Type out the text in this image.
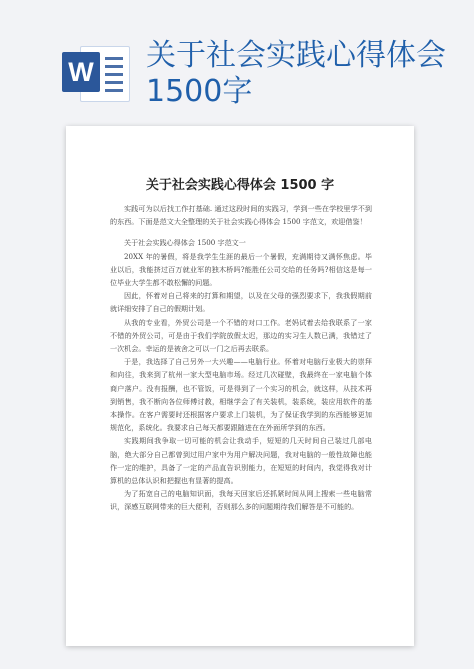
W 关于社会实践心得体会
1500字
关于社会实践心得体会 1500 字

实践可为以后找工作打基础. 通过这段时间的实践习，学到一些在学校里学不到的东西。下面是范文大全整理的关于社会实践心得体会 1500 字范文，欢迎借鉴！

关于社会实践心得体会 1500 字范文一

20XX 年的暑假，将是我学生生涯的最后一个暑假，充满期待又满怀焦虑。毕业以后，我能挤过百万就业军的独木桥吗?能胜任公司交给的任务吗?相信这是每一位毕业大学生都不敢松懈的问题。

因此，怀着对自己将来的打算和期望，以及在父母的强烈要求下，我我假期前就详细安排了自己的假期计划。

从我的专业看，外贸公司是一个不错的对口工作。老妈试着去给我联系了一家不错的外贸公司，可是由于我们学院放假太迟，那边的实习生人数已满，我错过了一次机会。幸运的是被舍之可以一门之后再去联系。

于是，我选择了自己另外一大兴趣——电脑行业。怀着对电脑行业极大的崇拜和向往，我来到了杭州一家大型电脑市场。经过几次碰壁，我最终在一家电脑个体商户落户。没有报酬，也不管饭，可是得到了一个实习的机会，就这样，从技术再到销售，我不断向各位师傅讨教，相继学会了有关装机，装系统，装应用软件的基本操作。在客户需要时还根据客户要求上门装机，为了保证我学到的东西能够更加规范化，系统化。我要求自己每天都要跟随进在在外面所学到的东西。

实践期间我争取一切可能的机会让我动手，短短的几天时间自己装过几部电脑，绝大部分自己都曾到过用户家中为用户解决问题，我对电脑的一般性故障也能作一定的维护，具备了一定的产品直告识别能力，在短短的时间内，我觉得我对计算机的总体认识和把握也有显著的提高。

为了拓宽自己的电脑知识面，我每天回家后还抓紧时间从网上搜索一些电脑常识，深感互联网带来的巨大便利，否则那么多的问题期待我们解答是不可能的。
